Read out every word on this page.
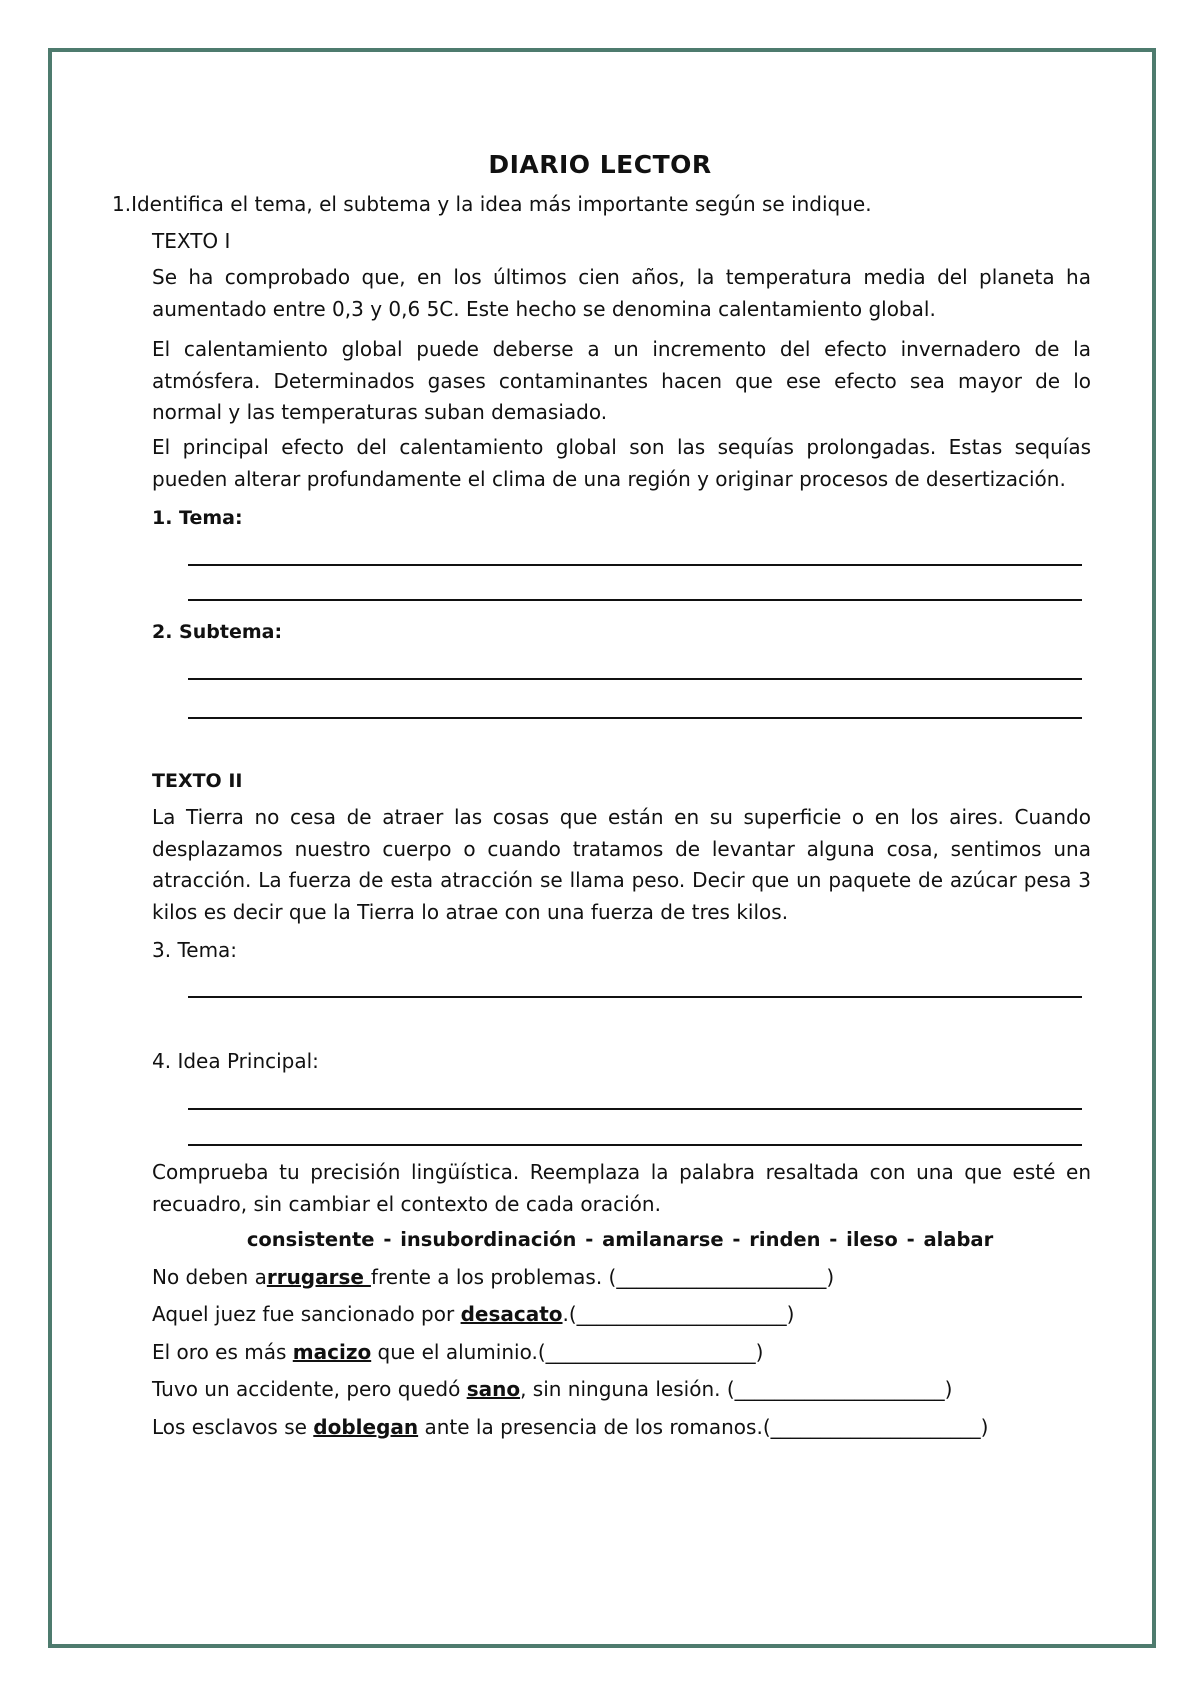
DIARIO LECTOR
1.Identifica el tema, el subtema y la idea más importante según se indique.
TEXTO I
Se ha comprobado que, en los últimos cien años, la temperatura media del planeta ha aumentado entre 0,3 y 0,6 5C. Este hecho se denomina calentamiento global.
El calentamiento global puede deberse a un incremento del efecto invernadero de la atmósfera. Determinados gases contaminantes hacen que ese efecto sea mayor de lo normal y las temperaturas suban demasiado.
El principal efecto del calentamiento global son las sequías prolongadas. Estas sequías pueden alterar profundamente el clima de una región y originar procesos de desertización.
1. Tema:
2. Subtema:
TEXTO II
La Tierra no cesa de atraer las cosas que están en su superficie o en los aires. Cuando desplazamos nuestro cuerpo o cuando tratamos de levantar alguna cosa, sentimos una atracción. La fuerza de esta atracción se llama peso. Decir que un paquete de azúcar pesa 3 kilos es decir que la Tierra lo atrae con una fuerza de tres kilos.
3. Tema:
4. Idea Principal:
Comprueba tu precisión lingüística. Reemplaza la palabra resaltada con una que esté en recuadro, sin cambiar el contexto de cada oración.
consistente - insubordinación - amilanarse - rinden - ileso - alabar
No deben arrugarse frente a los problemas. (_____________________)
Aquel juez fue sancionado por desacato.(_____________________)
El oro es más macizo que el aluminio.(_____________________)
Tuvo un accidente, pero quedó sano, sin ninguna lesión. (_____________________)
Los esclavos se doblegan ante la presencia de los romanos.(_____________________)
